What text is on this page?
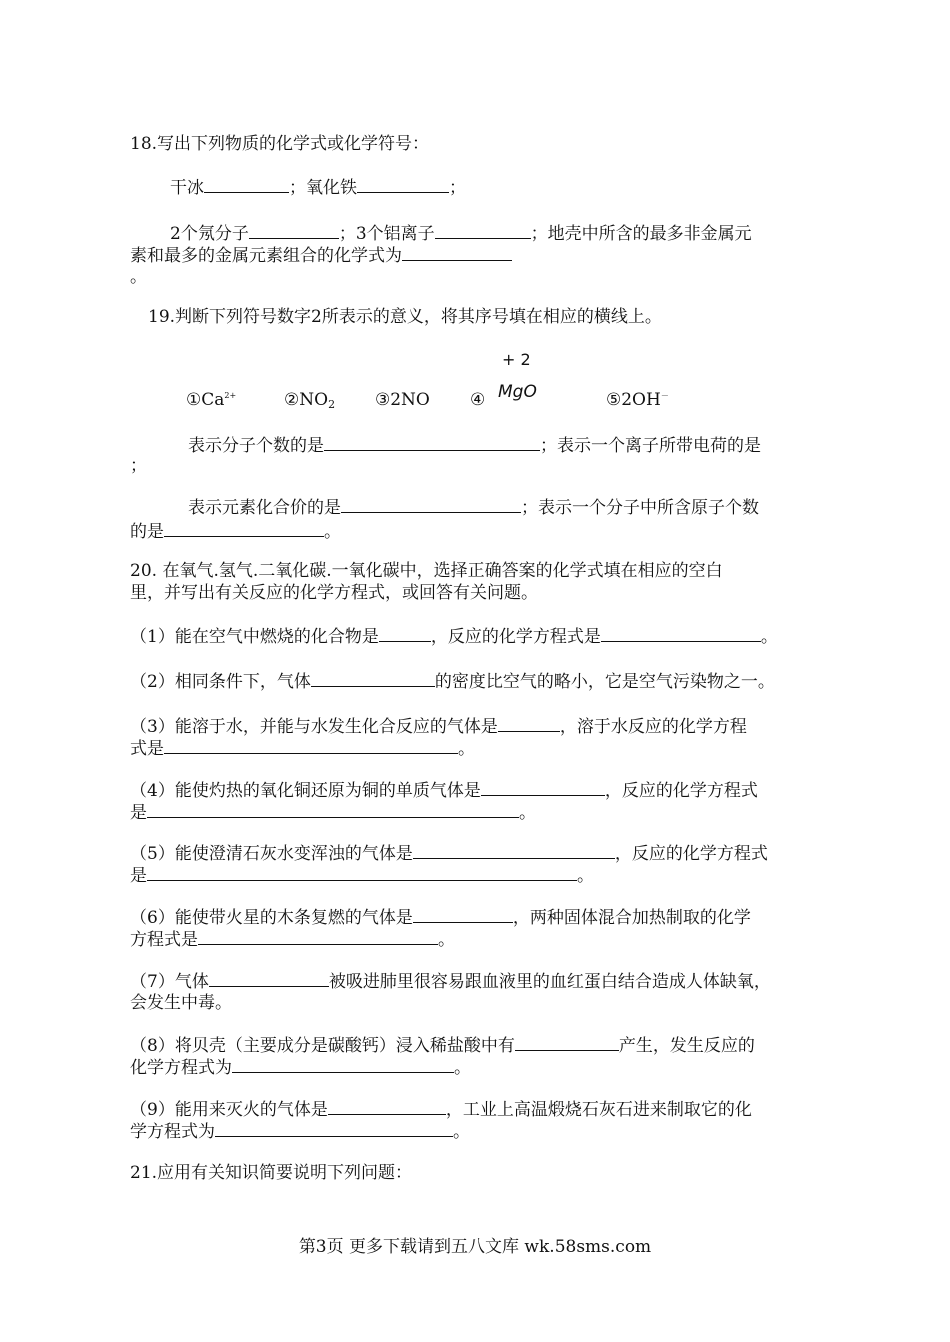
18.写出下列物质的化学式或化学符号：
干冰	；氧化铁	；
2个氖分子	；3个铝离子	；地壳中所含的最多非金属元
素和最多的金属元素组合的化学式为
。
19.判断下列符号数字2所表示的意义，将其序号填在相应的横线上。
+ 2
$①Ca^{2+}$	②NO2 ③2NO ④ MgO	⑤2OH－
表示分子个数的是	；表示一个离子所带电荷的是
；
表示元素化合价的是	；表示一个分子中所含原子个数
的是	。
20. 在氧气.氢气.二氧化碳.一氧化碳中，选择正确答案的化学式填在相应的空白
里，并写出有关反应的化学方程式，或回答有关问题。
（1）能在空气中燃烧的化合物是	，反应的化学方程式是	。
（2）相同条件下，气体	的密度比空气的略小，它是空气污染物之一。
（3）能溶于水，并能与水发生化合反应的气体是	，溶于水反应的化学方程
式是	。
（4）能使灼热的氧化铜还原为铜的单质气体是	，反应的化学方程式
是	。
（5）能使澄清石灰水变浑浊的气体是	，反应的化学方程式
是	。
（6）能使带火星的木条复燃的气体是	，两种固体混合加热制取的化学
方程式是	。
（7）气体	被吸进肺里很容易跟血液里的血红蛋白结合造成人体缺氧，
会发生中毒。
（8）将贝壳（主要成分是碳酸钙）浸入稀盐酸中有	产生，发生反应的
化学方程式为	。
（9）能用来灭火的气体是	，工业上高温煅烧石灰石进来制取它的化
学方程式为	。
21.应用有关知识简要说明下列问题：
第3页 更多下载请到五八文库 wk.58sms.com
